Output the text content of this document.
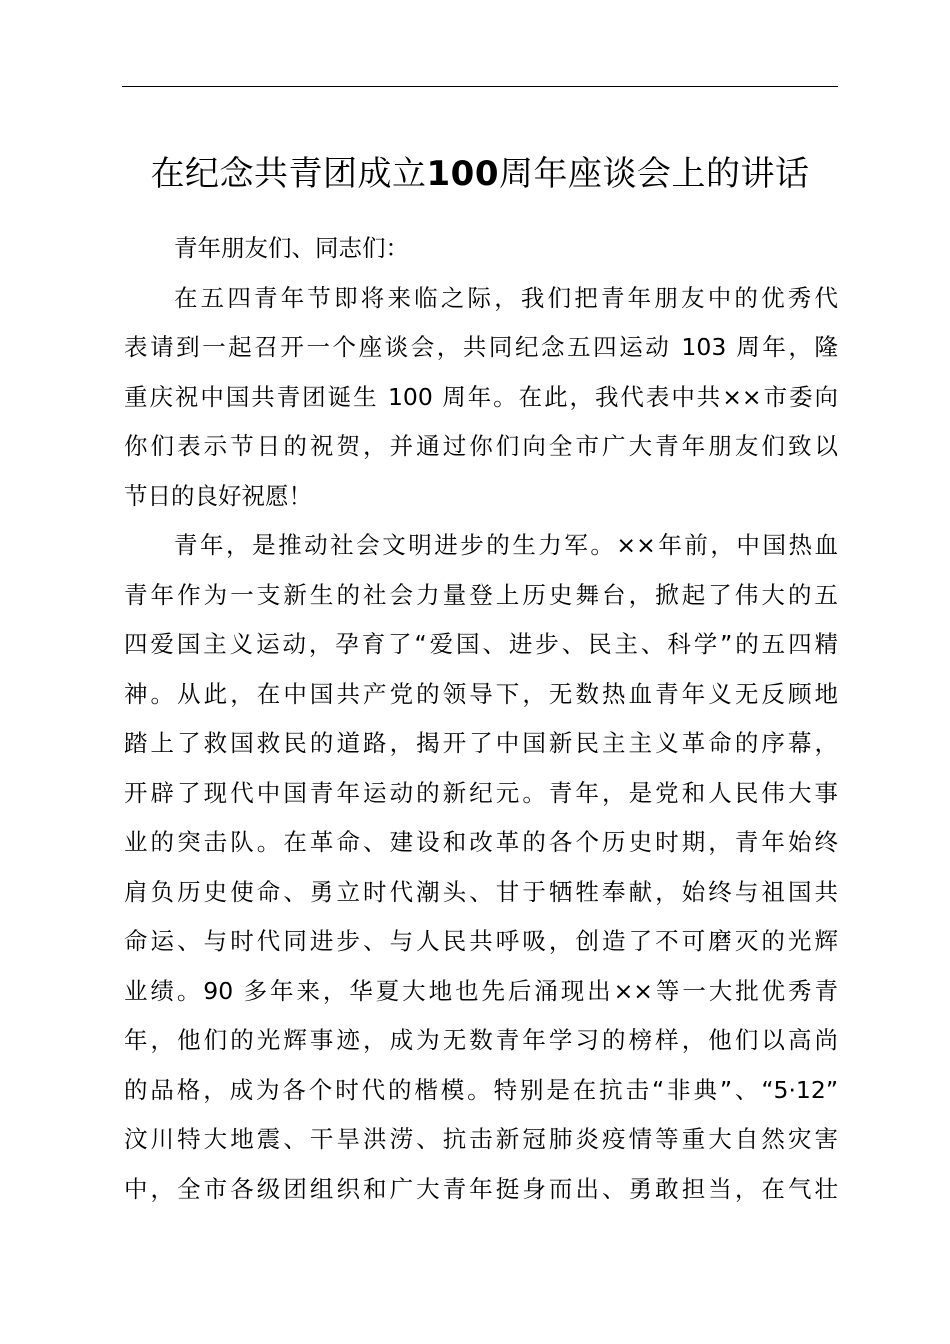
在纪念共青团成立100周年座谈会上的讲话
青年朋友们、同志们：
在五四青年节即将来临之际，我们把青年朋友中的优秀代
表请到一起召开一个座谈会，共同纪念五四运动 103 周年，隆
重庆祝中国共青团诞生 100 周年。在此，我代表中共××市委向
你们表示节日的祝贺，并通过你们向全市广大青年朋友们致以
节日的良好祝愿！
青年，是推动社会文明进步的生力军。××年前，中国热血
青年作为一支新生的社会力量登上历史舞台，掀起了伟大的五
四爱国主义运动，孕育了“爱国、进步、民主、科学”的五四精
神。从此，在中国共产党的领导下，无数热血青年义无反顾地
踏上了救国救民的道路，揭开了中国新民主主义革命的序幕，
开辟了现代中国青年运动的新纪元。青年，是党和人民伟大事
业的突击队。在革命、建设和改革的各个历史时期，青年始终
肩负历史使命、勇立时代潮头、甘于牺牲奉献，始终与祖国共
命运、与时代同进步、与人民共呼吸，创造了不可磨灭的光辉
业绩。90 多年来，华夏大地也先后涌现出××等一大批优秀青
年，他们的光辉事迹，成为无数青年学习的榜样，他们以高尚
的品格，成为各个时代的楷模。特别是在抗击“非典”、“5·12”
汶川特大地震、干旱洪涝、抗击新冠肺炎疫情等重大自然灾害
中，全市各级团组织和广大青年挺身而出、勇敢担当，在气壮
